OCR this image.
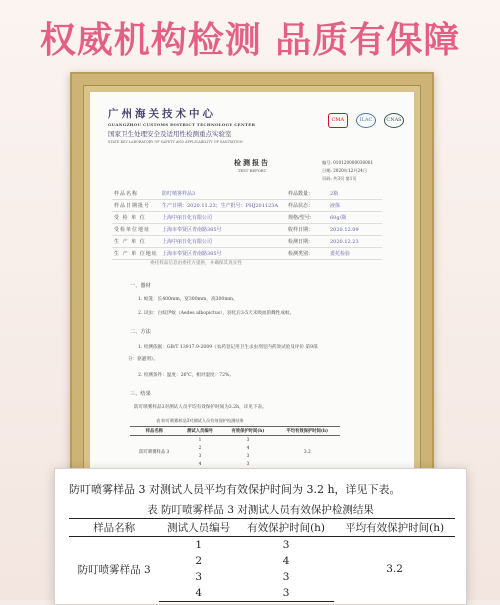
权威机构检测 品质有保障
广州海关技术中心
GUANGZHOU CUSTOMS DISTRICT TECHNOLOGY CENTER
国家卫生处理安全及适用性检测重点实验室
STATE KEY LABORATORY OF SAFETY AND APPLICABILITY OF SANITATION
CMA	ILAC	CNAS
检测报告
TEST REPORT
编号: 010120000030001
日期: 2020年12月24日
页码: 共3页 第1页
样品名称	防叮喷雾样品3	样品数量：	2瓶
样品日期批号	生产日期：2020.11.23；生产批号：PHJ201123A	样品状态：	液体
受 检 单 位	上海中丽日化有限公司	规格/型号：	60g/瓶
受检单位地址	上海市奉贤区青南路385号	收样日期：	2020.12.09
生 产 单 位	上海中丽日化有限公司	检测日期：	2020.12.23
生 产 单 位地址	上海市奉贤区青南路385号	检测类别：	委托检验
委托样品信息由委托方提供，并确保其真实性
一、器材
1. 蚊笼：长400mm，宽300mm，高300mm。
2. 试虫：白纹伊蚊（Aedes albopictus），羽化后3-5天未吸血的雌性成蚊。
二、方法
1. 检测依据：GB/T 13917.9-2009《农药登记用卫生杀虫剂室内药效试验及评价 第9部
分：驱避剂》。
2. 检测条件：温度：26℃，相对湿度：72%。
三、结果
防叮喷雾样品3对测试人员平均有效保护时间为3.2h，详见下表。
表 防叮喷雾样品3对测试人员有效保护检测结果
样品名称	测试人员编号	有效保护时间(h)	平均有效保护时间(h)
防叮喷雾样品 3	1	3	3.2
	2	4	
	3	3	
	4	3	
防叮喷雾样品 3 对测试人员平均有效保护时间为 3.2 h，详见下表。
表 防叮喷雾样品 3 对测试人员有效保护检测结果
样品名称	测试人员编号	有效保护时间(h)	平均有效保护时间(h)
防叮喷雾样品 3	1	3	3.2
	2	4	
	3	3	
	4	3	
